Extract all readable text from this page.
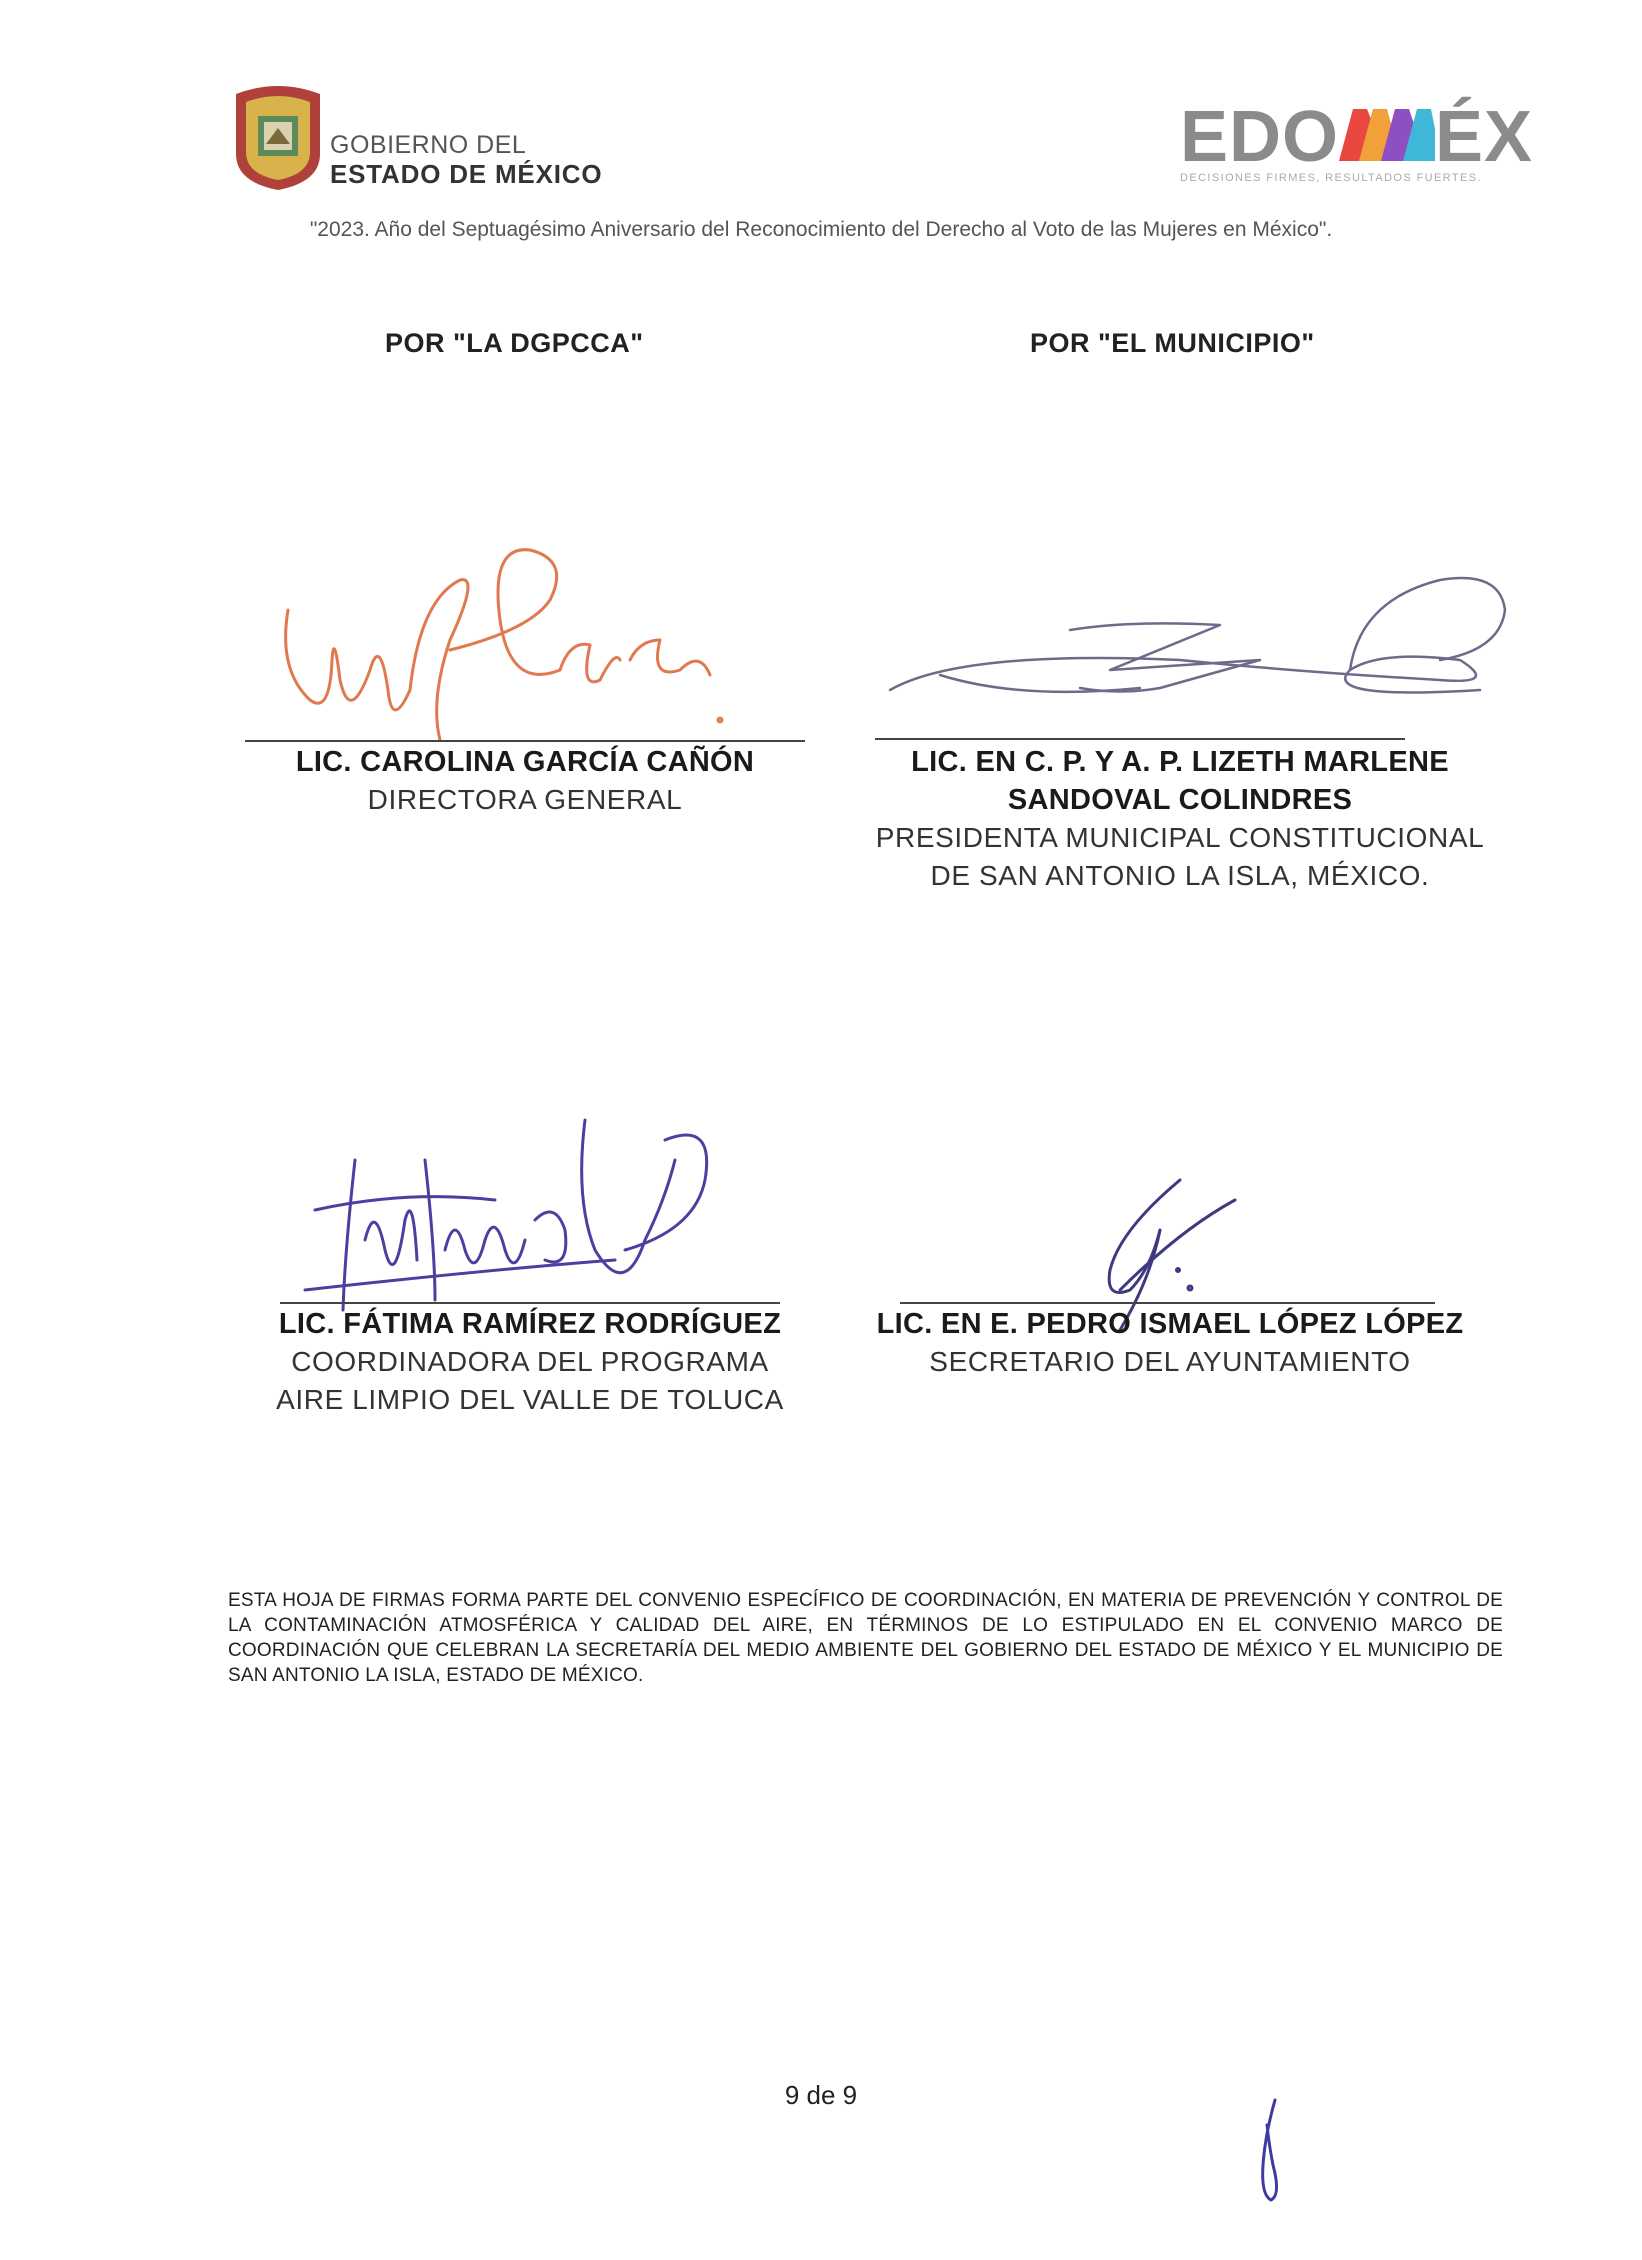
GOBIERNO DEL
ESTADO DE MÉXICO	EDO ÉX
DECISIONES FIRMES, RESULTADOS FUERTES.
"2023. Año del Septuagésimo Aniversario del Reconocimiento del Derecho al Voto de las Mujeres en México".
POR "LA DGPCCA"	POR "EL MUNICIPIO"
LIC. CAROLINA GARCÍA CAÑÓN
DIRECTORA GENERAL
LIC. EN C. P. Y A. P. LIZETH MARLENE
SANDOVAL COLINDRES
PRESIDENTA MUNICIPAL CONSTITUCIONAL
DE SAN ANTONIO LA ISLA, MÉXICO.
LIC. FÁTIMA RAMÍREZ RODRÍGUEZ
COORDINADORA DEL PROGRAMA
AIRE LIMPIO DEL VALLE DE TOLUCA
LIC. EN E. PEDRO ISMAEL LÓPEZ LÓPEZ
SECRETARIO DEL AYUNTAMIENTO
ESTA HOJA DE FIRMAS FORMA PARTE DEL CONVENIO ESPECÍFICO DE COORDINACIÓN, EN MATERIA DE PREVENCIÓN Y CONTROL DE LA CONTAMINACIÓN ATMOSFÉRICA Y CALIDAD DEL AIRE, EN TÉRMINOS DE LO ESTIPULADO EN EL CONVENIO MARCO DE COORDINACIÓN QUE CELEBRAN LA SECRETARÍA DEL MEDIO AMBIENTE DEL GOBIERNO DEL ESTADO DE MÉXICO Y EL MUNICIPIO DE SAN ANTONIO LA ISLA, ESTADO DE MÉXICO.
9 de 9
